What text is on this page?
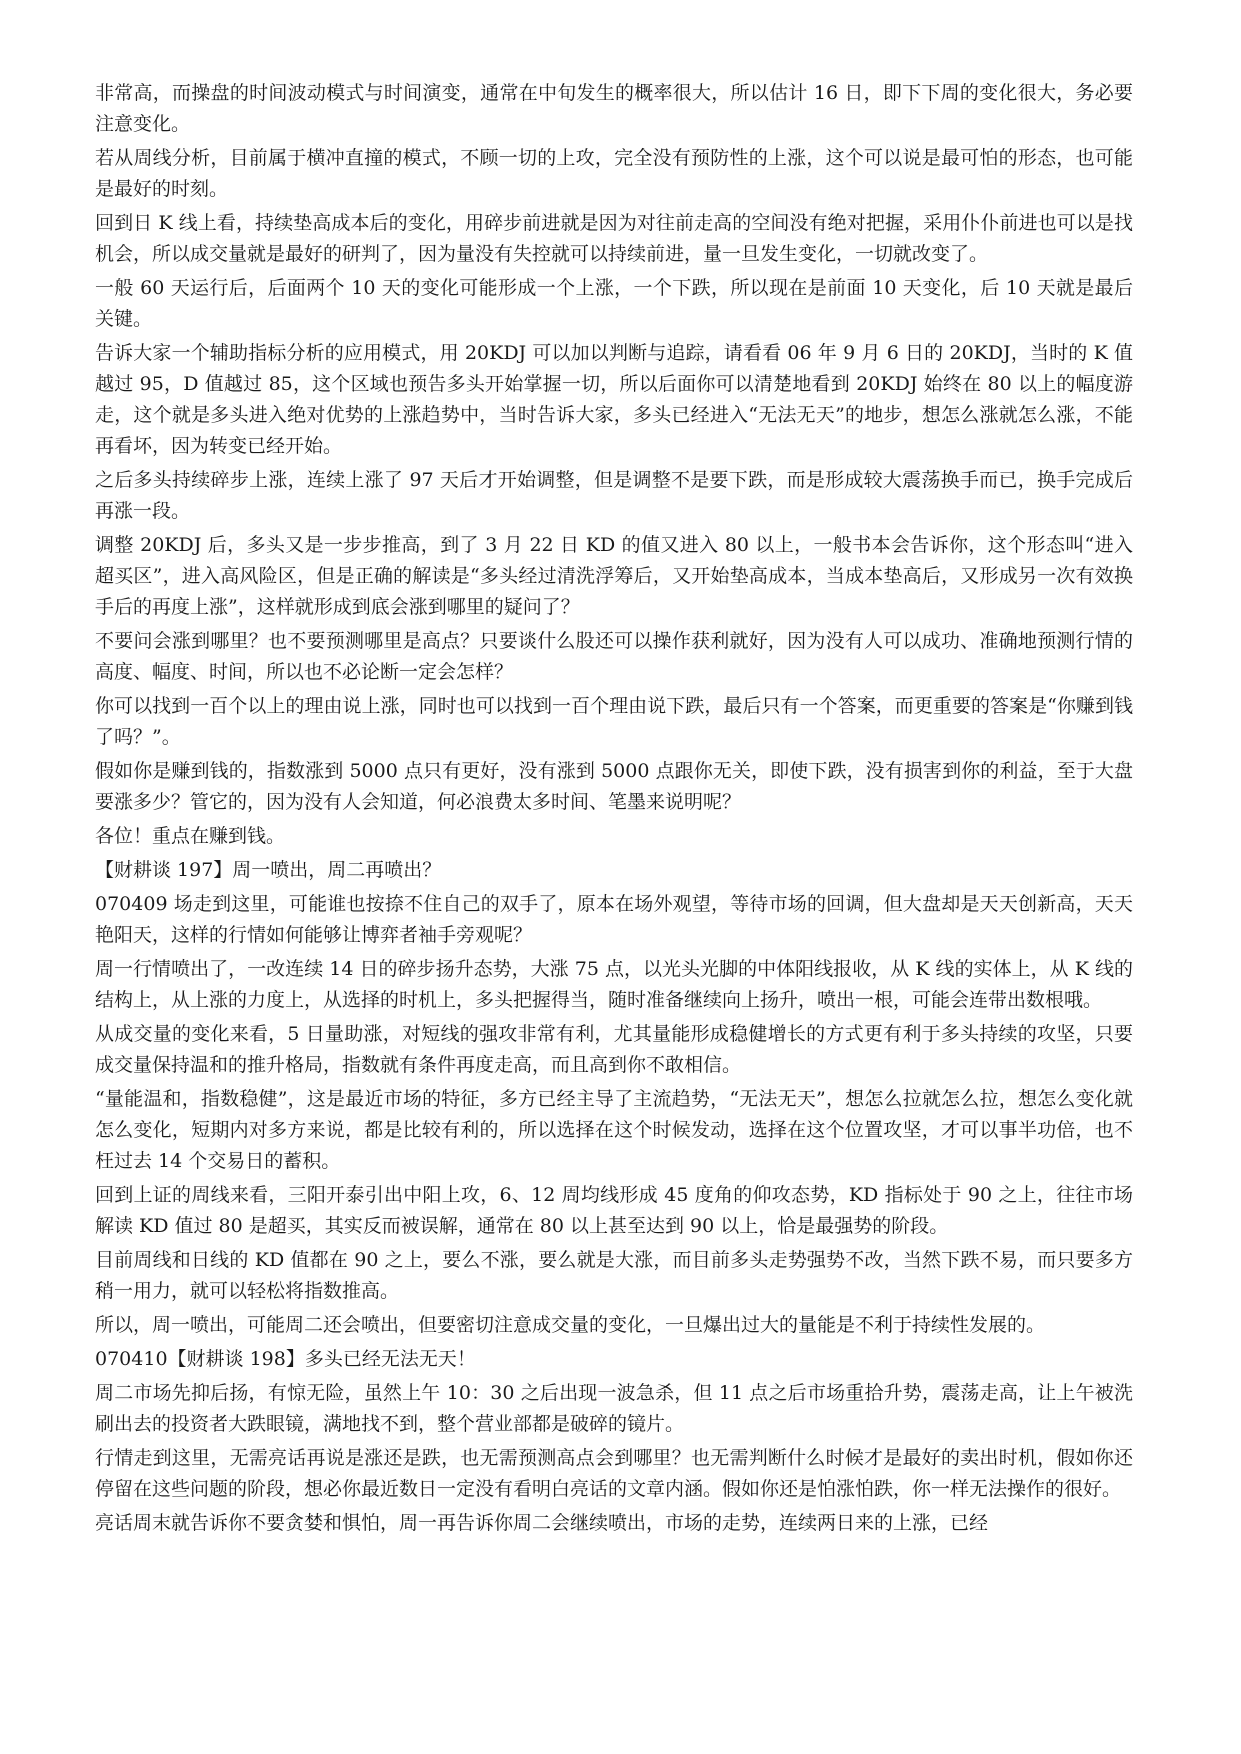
非常高，而操盘的时间波动模式与时间演变，通常在中旬发生的概率很大，所以估计 16 日，即下下周的变化很大，务必要注意变化。

若从周线分析，目前属于横冲直撞的模式，不顾一切的上攻，完全没有预防性的上涨，这个可以说是最可怕的形态，也可能是最好的时刻。

回到日 K 线上看，持续垫高成本后的变化，用碎步前进就是因为对往前走高的空间没有绝对把握，采用仆仆前进也可以是找机会，所以成交量就是最好的研判了，因为量没有失控就可以持续前进，量一旦发生变化，一切就改变了。

一般 60 天运行后，后面两个 10 天的变化可能形成一个上涨，一个下跌，所以现在是前面 10 天变化，后 10 天就是最后关键。

告诉大家一个辅助指标分析的应用模式，用 20KDJ 可以加以判断与追踪，请看看 06 年 9 月 6 日的 20KDJ，当时的 K 值越过 95，D 值越过 85，这个区域也预告多头开始掌握一切，所以后面你可以清楚地看到 20KDJ 始终在 80 以上的幅度游走，这个就是多头进入绝对优势的上涨趋势中，当时告诉大家，多头已经进入“无法无天”的地步，想怎么涨就怎么涨，不能再看坏，因为转变已经开始。

之后多头持续碎步上涨，连续上涨了 97 天后才开始调整，但是调整不是要下跌，而是形成较大震荡换手而已，换手完成后再涨一段。

调整 20KDJ 后，多头又是一步步推高，到了 3 月 22 日 KD 的值又进入 80 以上，一般书本会告诉你，这个形态叫“进入超买区”，进入高风险区，但是正确的解读是“多头经过清洗浮筹后，又开始垫高成本，当成本垫高后，又形成另一次有效换手后的再度上涨”，这样就形成到底会涨到哪里的疑问了？

不要问会涨到哪里？也不要预测哪里是高点？只要谈什么股还可以操作获利就好，因为没有人可以成功、准确地预测行情的高度、幅度、时间，所以也不必论断一定会怎样？

你可以找到一百个以上的理由说上涨，同时也可以找到一百个理由说下跌，最后只有一个答案，而更重要的答案是“你赚到钱了吗？”。

假如你是赚到钱的，指数涨到 5000 点只有更好，没有涨到 5000 点跟你无关，即使下跌，没有损害到你的利益，至于大盘要涨多少？管它的，因为没有人会知道，何必浪费太多时间、笔墨来说明呢？

各位！重点在赚到钱。

【财耕谈 197】周一喷出，周二再喷出？

070409 场走到这里，可能谁也按捺不住自己的双手了，原本在场外观望，等待市场的回调，但大盘却是天天创新高，天天艳阳天，这样的行情如何能够让博弈者袖手旁观呢？

周一行情喷出了，一改连续 14 日的碎步扬升态势，大涨 75 点，以光头光脚的中体阳线报收，从 K 线的实体上，从 K 线的结构上，从上涨的力度上，从选择的时机上，多头把握得当，随时准备继续向上扬升，喷出一根，可能会连带出数根哦。

从成交量的变化来看，5 日量助涨，对短线的强攻非常有利，尤其量能形成稳健增长的方式更有利于多头持续的攻坚，只要成交量保持温和的推升格局，指数就有条件再度走高，而且高到你不敢相信。

“量能温和，指数稳健”，这是最近市场的特征，多方已经主导了主流趋势，“无法无天”，想怎么拉就怎么拉，想怎么变化就怎么变化，短期内对多方来说，都是比较有利的，所以选择在这个时候发动，选择在这个位置攻坚，才可以事半功倍，也不枉过去 14 个交易日的蓄积。

回到上证的周线来看，三阳开泰引出中阳上攻，6、12 周均线形成 45 度角的仰攻态势，KD 指标处于 90 之上，往往市场解读 KD 值过 80 是超买，其实反而被误解，通常在 80 以上甚至达到 90 以上，恰是最强势的阶段。

目前周线和日线的 KD 值都在 90 之上，要么不涨，要么就是大涨，而目前多头走势强势不改，当然下跌不易，而只要多方稍一用力，就可以轻松将指数推高。

所以，周一喷出，可能周二还会喷出，但要密切注意成交量的变化，一旦爆出过大的量能是不利于持续性发展的。

070410【财耕谈 198】多头已经无法无天！

周二市场先抑后扬，有惊无险，虽然上午 10：30 之后出现一波急杀，但 11 点之后市场重拾升势，震荡走高，让上午被洗刷出去的投资者大跌眼镜，满地找不到，整个营业部都是破碎的镜片。

行情走到这里，无需亮话再说是涨还是跌，也无需预测高点会到哪里？也无需判断什么时候才是最好的卖出时机，假如你还停留在这些问题的阶段，想必你最近数日一定没有看明白亮话的文章内涵。假如你还是怕涨怕跌，你一样无法操作的很好。

亮话周末就告诉你不要贪婪和惧怕，周一再告诉你周二会继续喷出，市场的走势，连续两日来的上涨，已经
